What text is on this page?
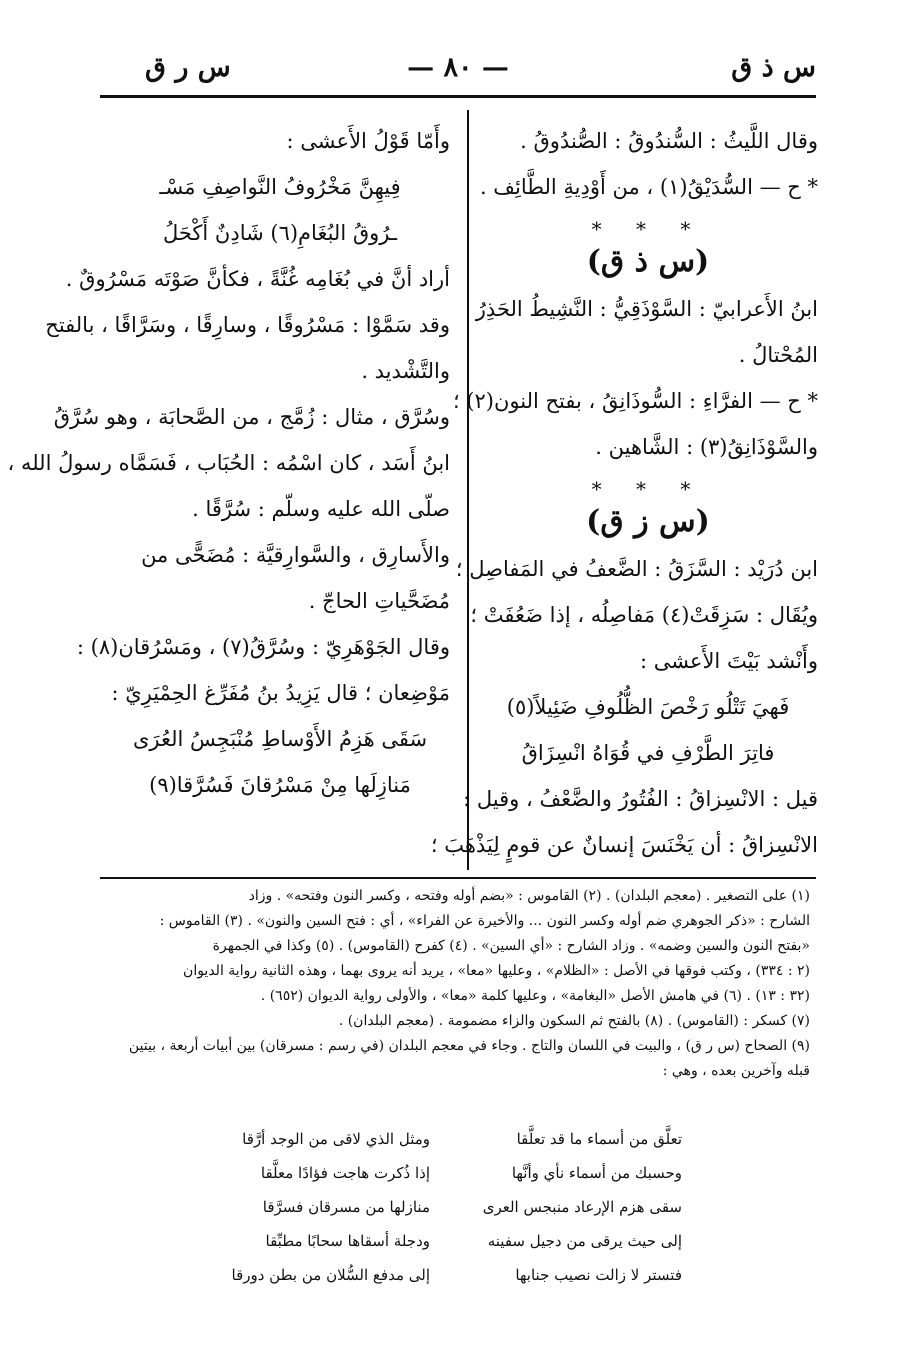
س ذ ق
— ٨٠ —
س ر ق
وقال اللَّيثُ : السُّندُوقُ : الصُّندُوقُ .
* ح — السُّدَيْقُ(١) ، من أَوْدِيةِ الطَّائِف .
* * *
(س ذ ق)
ابنُ الأَعرابيّ : السَّوْذَقِيُّ : النَّشِيطُ الحَذِرُ
المُحْتالُ .
* ح — الفرَّاءِ : السُّوذَانِقُ ، بفتح النون(٢) ؛
والسَّوْذَانِقُ(٣) : الشَّاهين .
* * *
(س ز ق)
ابن دُرَيْد : السَّزَقُ : الضَّعفُ في المَفاصِل ؛
ويُقَال : سَزِقَتْ(٤) مَفاصِلُه ، إذا ضَعُفَتْ ؛
وأَنْشد بَيْتَ الأَعشى :
فَهيَ تَتْلُو رَخْصَ الظُّلُوفِ ضَئِيلاً(٥)
فاتِرَ الطَّرْفِ في قُوَاهُ انْسِزَاقُ
قيل : الانْسِزاقُ : الفُتُورُ والضَّعْفُ ، وقيل :
الانْسِزاقُ : أن يَخْنَسَ إنسانٌ عن قومٍ لِيَذْهَبَ ؛
وأَمّا قَوْلُ الأَعشى :
فِيهِنَّ مَخْرُوفُ النَّواصِفِ مَسْـ
ـرُوقُ البُغَامِ(٦) شَادِنٌ أَكْحَلُ
أراد أنَّ في بُغَامِه غُنَّةً ، فكأنَّ صَوْتَه مَسْرُوقٌ .
وقد سَمَّوْا : مَسْرُوقًا ، وسارِقًا ، وسَرَّاقًا ، بالفتح
والتَّشْديد .
وسُرَّق ، مثال : زُمَّج ، من الصَّحابَة ، وهو سُرَّقُ
ابنُ أَسَد ، كان اسْمُه : الحُبَاب ، فَسَمَّاه رسولُ الله ،
صلّى الله عليه وسلّم : سُرَّقًا .
والأَسارِق ، والسَّوارِقيَّة : مُضَحًّى من
مُضَحَّياتِ الحاجّ .
وقال الجَوْهَرِيّ : وسُرَّقُ(٧) ، ومَسْرُقان(٨) :
مَوْضِعان ؛ قال يَزِيدُ بنُ مُفَرِّغ الحِمْيَرِيّ :
سَقَى هَزِمُ الأَوْساطِ مُنْبَجِسُ العُرَى
مَنازِلَها مِنْ مَسْرُقانَ فَسُرَّقا(٩)
(١) على التصغير . (معجم البلدان) . (٢) القاموس : «بضم أوله وفتحه ، وكسر النون وفتحه» . وزاد
الشارح : «ذكر الجوهري ضم أوله وكسر النون ... والأخيرة عن الفراء» ، أي : فتح السين والنون» . (٣) القاموس :
«بفتح النون والسين وضمه» . وزاد الشارح : «أي السين» . (٤) كفرح (القاموس) . (٥) وكذا في الجمهرة
(٢ : ٣٣٤) ، وكتب فوقها في الأصل : «الظلام» ، وعليها «معا» ، يريد أنه يروى بهما ، وهذه الثانية رواية الديوان
(٣٢ : ١٣) . (٦) في هامش الأصل «البغامة» ، وعليها كلمة «معا» ، والأولى رواية الديوان (٦٥٢) .
(٧) كسكر : (القاموس) . (٨) بالفتح ثم السكون والزاء مضمومة . (معجم البلدان) .
(٩) الصحاح (س ر ق) ، والبيت في اللسان والتاج . وجاء في معجم البلدان (في رسم : مسرقان) بين أبيات أربعة ، بيتين
قبله وآخرين بعده ، وهي :
تعلَّق من أسماء ما قد تعلَّقا
ومثل الذي لاقى من الوجد أرَّقا
وحسبك من أسماء نأي وأنَّها
إذا ذُكرت هاجت فؤادًا معلَّقا
سقى هزم الإرعاد منبجس العرى
منازلها من مسرقان فسرَّقا
إلى حيث يرقى من دجيل سفينه
ودجلة أسقاها سحابًا مطبِّقا
فتستر لا زالت نصيب جنابها
إلى مدفع السُّلان من بطن دورقا
